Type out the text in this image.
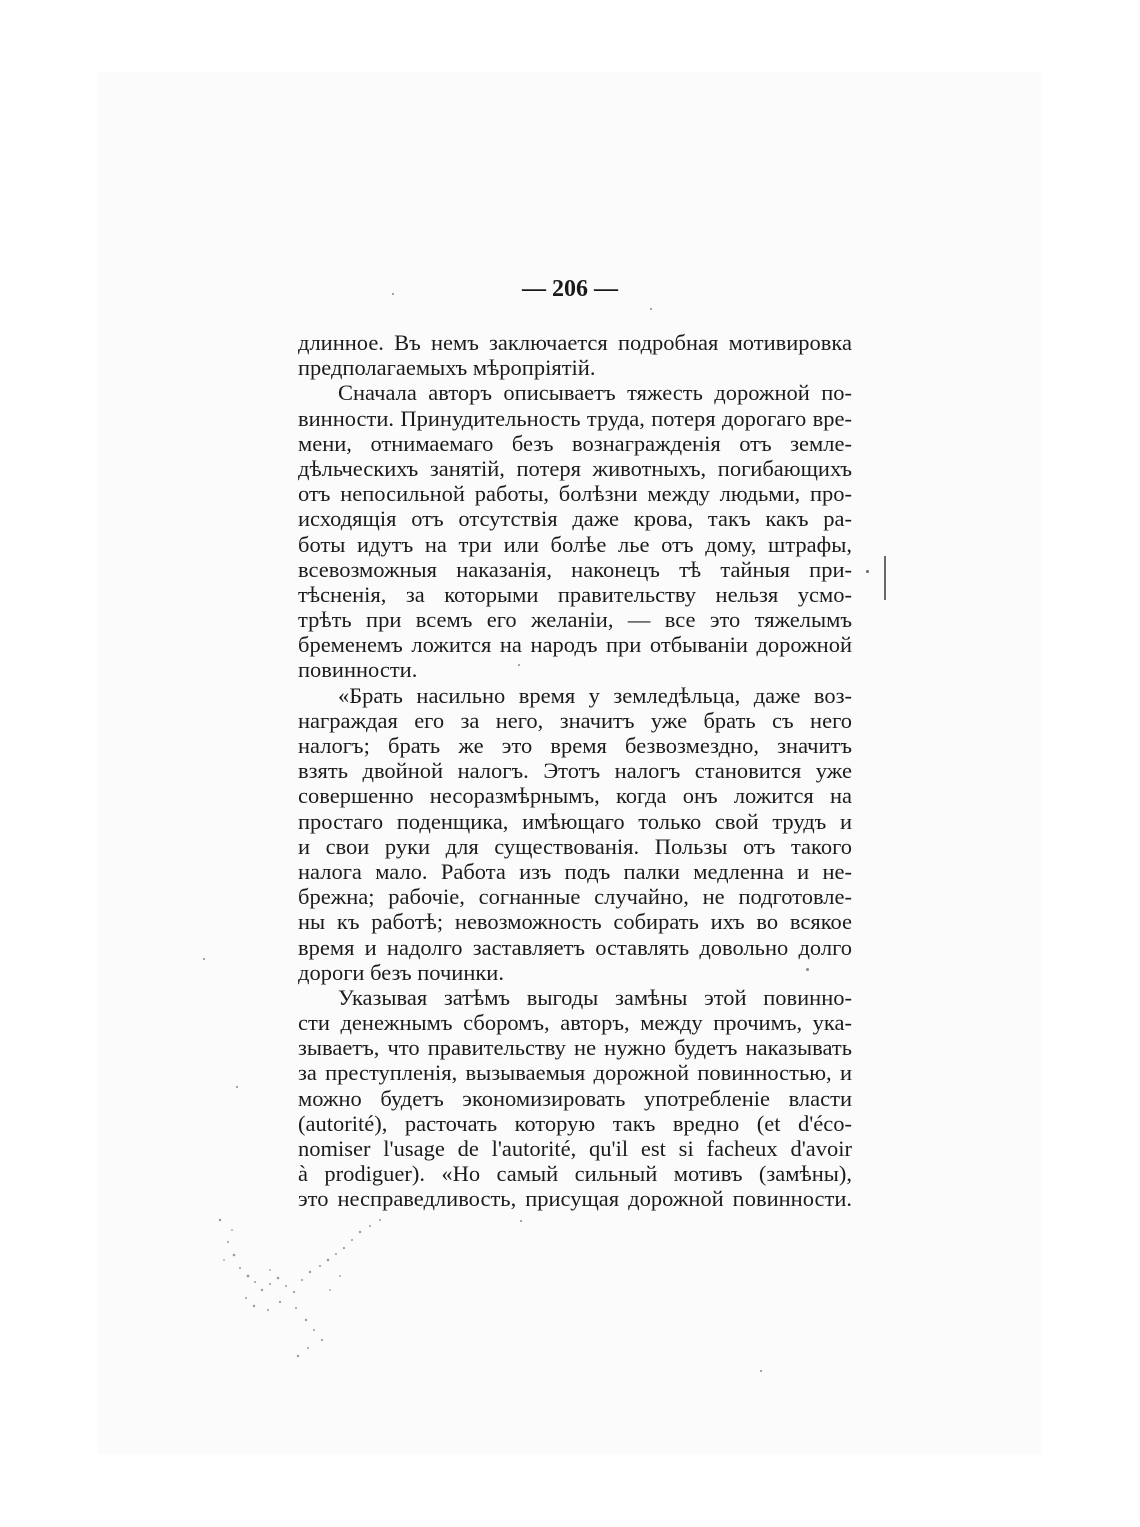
— 206 —
длинное. Въ немъ заключается подробная мотивировка
предполагаемыхъ мѣропріятій.
Сначала авторъ описываетъ тяжесть дорожной по-
винности. Принудительность труда, потеря дорогаго вре-
мени, отнимаемаго безъ вознагражденія отъ земле-
дѣльческихъ занятій, потеря животныхъ, погибающихъ
отъ непосильной работы, болѣзни между людьми, про-
исходящія отъ отсутствія даже крова, такъ какъ ра-
боты идутъ на три или болѣе лье отъ дому, штрафы,
всевозможныя наказанія, наконецъ тѣ тайныя при-
тѣсненія, за которыми правительству нельзя усмо-
трѣть при всемъ его желаніи, — все это тяжелымъ
бременемъ ложится на народъ при отбываніи дорожной
повинности.
«Брать насильно время у земледѣльца, даже воз-
награждая его за него, значитъ уже брать съ него
налогъ; брать же это время безвозмездно, значитъ
взять двойной налогъ. Этотъ налогъ становится уже
совершенно несоразмѣрнымъ, когда онъ ложится на
простаго поденщика, имѣющаго только свой трудъ и
и свои руки для существованія. Пользы отъ такого
налога мало. Работа изъ подъ палки медленна и не-
брежна; рабочіе, согнанные случайно, не подготовле-
ны къ работѣ; невозможность собирать ихъ во всякое
время и надолго заставляетъ оставлять довольно долго
дороги безъ починки.
Указывая затѣмъ выгоды замѣны этой повинно-
сти денежнымъ сборомъ, авторъ, между прочимъ, ука-
зываетъ, что правительству не нужно будетъ наказывать
за преступленія, вызываемыя дорожной повинностью, и
можно будетъ экономизировать употребленіе власти
(autorité), расточать которую такъ вредно (et d'éco-
nomiser l'usage de l'autorité, qu'il est si facheux d'avoir
à prodiguer). «Но самый сильный мотивъ (замѣны),
это несправедливость, присущая дорожной повинности.
